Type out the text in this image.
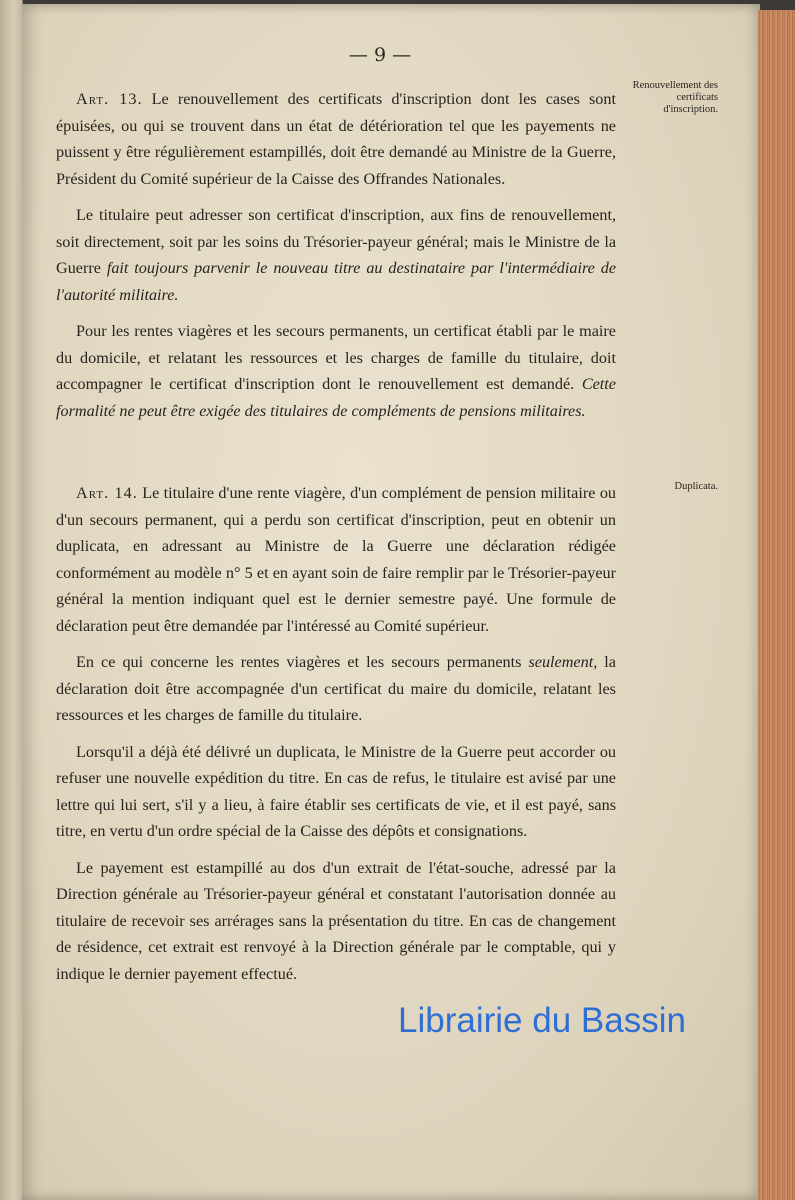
— 9 —
Renouvellement des certificats d'inscription.
Duplicata.

Art. 13. Le renouvellement des certificats d'inscription dont les cases sont épuisées, ou qui se trouvent dans un état de détérioration tel que les payements ne puissent y être régulièrement estampillés, doit être demandé au Ministre de la Guerre, Président du Comité supérieur de la Caisse des Offrandes Nationales.

Le titulaire peut adresser son certificat d'inscription, aux fins de renouvellement, soit directement, soit par les soins du Trésorier-payeur général; mais le Ministre de la Guerre fait toujours parvenir le nouveau titre au destinataire par l'intermédiaire de l'autorité militaire.

Pour les rentes viagères et les secours permanents, un certificat établi par le maire du domicile, et relatant les ressources et les charges de famille du titulaire, doit accompagner le certificat d'inscription dont le renouvellement est demandé. Cette formalité ne peut être exigée des titulaires de compléments de pensions militaires.

Art. 14. Le titulaire d'une rente viagère, d'un complément de pension militaire ou d'un secours permanent, qui a perdu son certificat d'inscription, peut en obtenir un duplicata, en adressant au Ministre de la Guerre une déclaration rédigée conformément au modèle n° 5 et en ayant soin de faire remplir par le Trésorier-payeur général la mention indiquant quel est le dernier semestre payé. Une formule de déclaration peut être demandée par l'intéressé au Comité supérieur.

En ce qui concerne les rentes viagères et les secours permanents seulement, la déclaration doit être accompagnée d'un certificat du maire du domicile, relatant les ressources et les charges de famille du titulaire.

Lorsqu'il a déjà été délivré un duplicata, le Ministre de la Guerre peut accorder ou refuser une nouvelle expédition du titre. En cas de refus, le titulaire est avisé par une lettre qui lui sert, s'il y a lieu, à faire établir ses certificats de vie, et il est payé, sans titre, en vertu d'un ordre spécial de la Caisse des dépôts et consignations.

Le payement est estampillé au dos d'un extrait de l'état-souche, adressé par la Direction générale au Trésorier-payeur général et constatant l'autorisation donnée au titulaire de recevoir ses arrérages sans la présentation du titre. En cas de changement de résidence, cet extrait est renvoyé à la Direction générale par le comptable, qui y indique le dernier payement effectué.

Librairie du Bassin
